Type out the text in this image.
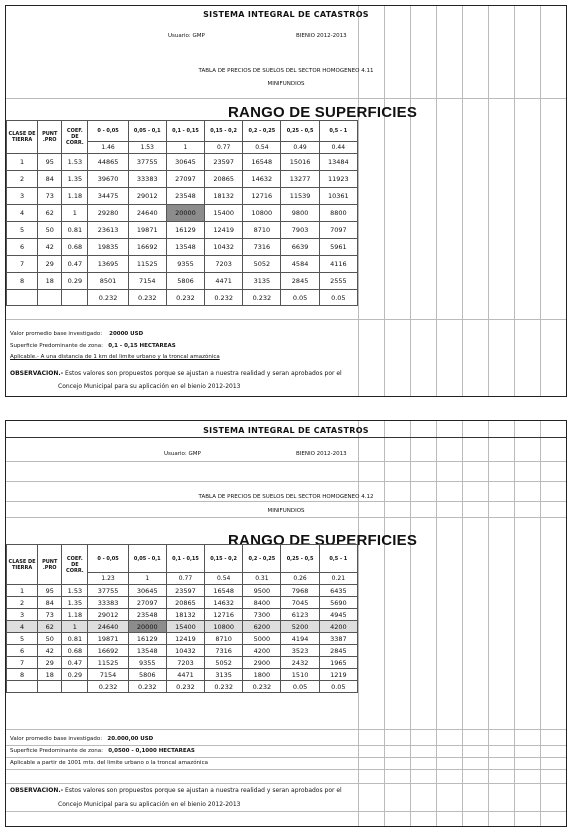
SISTEMA INTEGRAL DE CATASTROS
Usuario: GMP	BIENIO 2012-2013
TABLA DE PRECIOS DE SUELOS DEL SECTOR HOMOGENEO 4.11
MINIFUNDIOS
RANGO DE SUPERFICIES
CLASE DE TIERRA	PUNT .PRO	COEF. DE CORR.	0 - 0,05	0,05 - 0,1	0,1 - 0,15	0,15 - 0,2	0,2 - 0,25	0,25 - 0,5	0,5 - 1
			1.46	1.53	1	0.77	0.54	0.49	0.44
1	95	1.53	44865	37755	30645	23597	16548	15016	13484
2	84	1.35	39670	33383	27097	20865	14632	13277	11923
3	73	1.18	34475	29012	23548	18132	12716	11539	10361
4	62	1	29280	24640	20000	15400	10800	9800	8800
5	50	0.81	23613	19871	16129	12419	8710	7903	7097
6	42	0.68	19835	16692	13548	10432	7316	6639	5961
7	29	0.47	13695	11525	9355	7203	5052	4584	4116
8	18	0.29	8501	7154	5806	4471	3135	2845	2555
			0.232	0.232	0.232	0.232	0.232	0.05	0.05
Valor promedio base investigado: 20000 USD
Superficie Predominante de zona: 0,1 - 0,15 HECTAREAS
Aplicable.- A una distancia de 1 km del limite urbano y la troncal amazónica
OBSERVACION.- Estos valores son propuestos porque se ajustan a nuestra realidad y seran aprobados por el
Concejo Municipal para su aplicación en el bienio 2012-2013
SISTEMA INTEGRAL DE CATASTROS
Usuario: GMP	BIENIO 2012-2013
TABLA DE PRECIOS DE SUELOS DEL SECTOR HOMOGENEO 4.12
MINIFUNDIOS
RANGO DE SUPERFICIES
CLASE DE TIERRA	PUNT .PRO	COEF. DE CORR.	0 - 0,05	0,05 - 0,1	0,1 - 0,15	0,15 - 0,2	0,2 - 0,25	0,25 - 0,5	0,5 - 1
			1.23	1	0.77	0.54	0.31	0.26	0.21
1	95	1.53	37755	30645	23597	16548	9500	7968	6435
2	84	1.35	33383	27097	20865	14632	8400	7045	5690
3	73	1.18	29012	23548	18132	12716	7300	6123	4945
4	62	1	24640	20000	15400	10800	6200	5200	4200
5	50	0.81	19871	16129	12419	8710	5000	4194	3387
6	42	0.68	16692	13548	10432	7316	4200	3523	2845
7	29	0.47	11525	9355	7203	5052	2900	2432	1965
8	18	0.29	7154	5806	4471	3135	1800	1510	1219
			0.232	0.232	0.232	0.232	0.232	0.05	0.05
Valor promedio base investigado: 20.000,00 USD
Superficie Predominante de zona: 0,0500 - 0,1000 HECTAREAS
Aplicable a partir de 1001 mts. del limite urbano o la troncal amazónica
OBSERVACION.- Estos valores son propuestos porque se ajustan a nuestra realidad y seran aprobados por el
Concejo Municipal para su aplicación en el bienio 2012-2013
